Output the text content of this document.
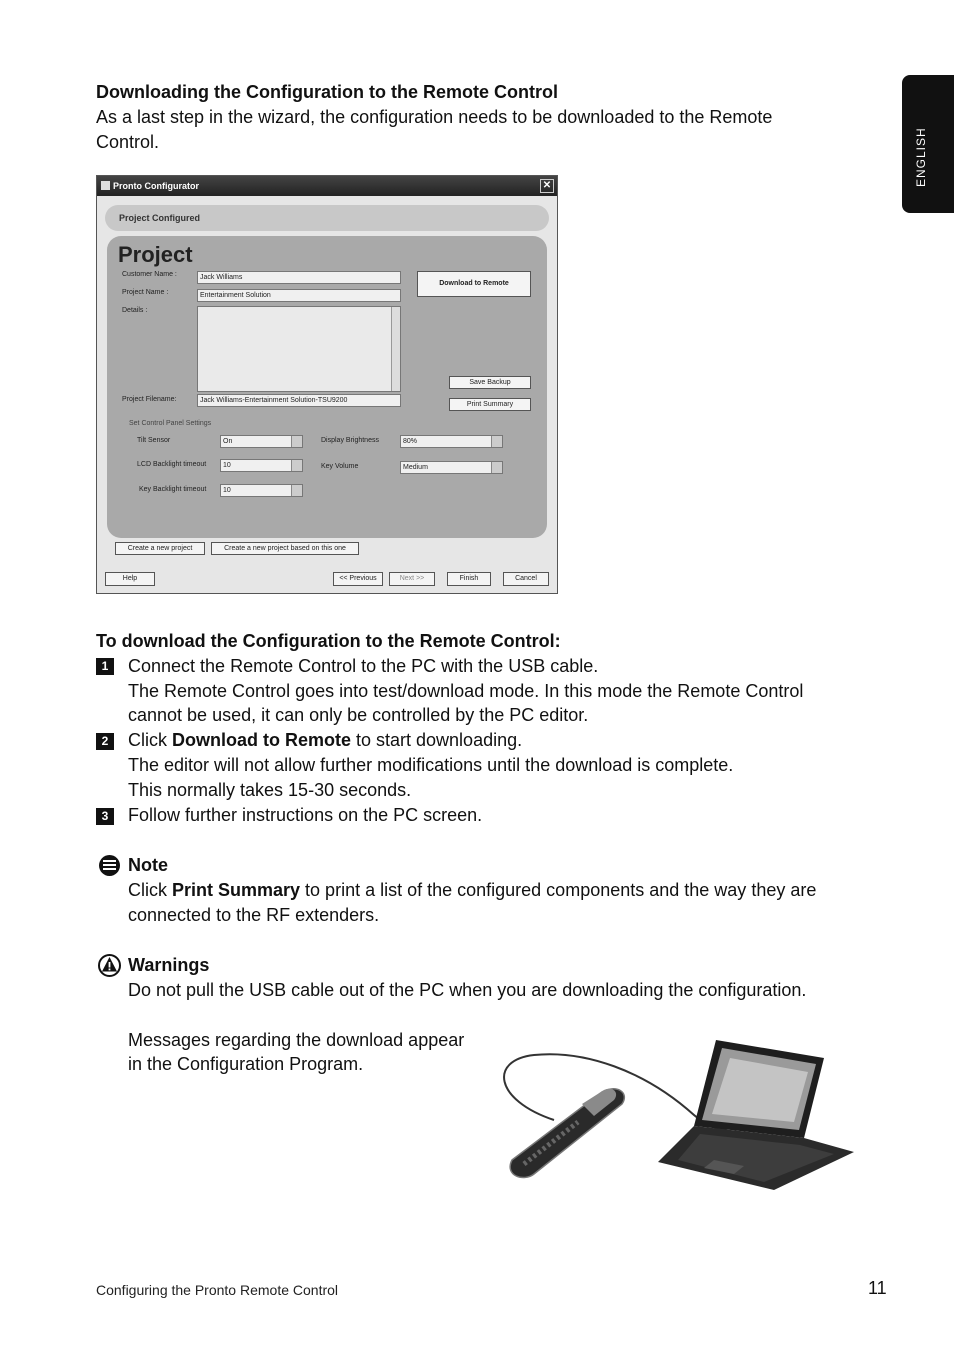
ENGLISH
Downloading the Configuration to the Remote Control
As a last step in the wizard, the configuration needs to be downloaded to the Remote
Control.
Pronto Configurator	✕
Project Configured
Project
Customer Name :	Jack Williams
Project Name :	Entertainment Solution
Details :
Download to Remote
Save Backup
Print Summary
Project Filename:	Jack Williams-Entertainment Solution-TSU9200
Set Control Panel Settings
Tilt Sensor	On	Display Brightness	80%
LCD Backlight timeout	10	Key Volume	Medium
Key Backlight timeout	10
Create a new project	Create a new project based on this one
Help	<< Previous	Next >>	Finish	Cancel
To download the Configuration to the Remote Control:
1	Connect the Remote Control to the PC with the USB cable.
The Remote Control goes into test/download mode. In this mode the Remote Control
cannot be used, it can only be controlled by the PC editor.
2	Click Download to Remote to start downloading.
The editor will not allow further modifications until the download is complete.
This normally takes 15-30 seconds.
3	Follow further instructions on the PC screen.
Note
Click Print Summary to print a list of the configured components and the way they are
connected to the RF extenders.
Warnings
Do not pull the USB cable out of the PC when you are downloading the configuration.
Messages regarding the download appear
in the Configuration Program.
Configuring the Pronto Remote Control	11
